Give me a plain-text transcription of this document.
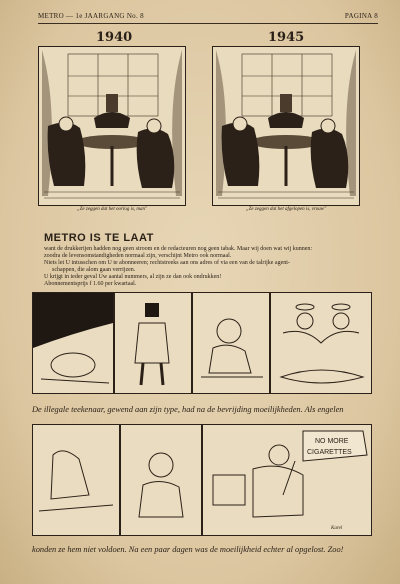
METRO — 1e JAARGANG No. 8	PAGINA 8
1940	1945
„Ze zeggen dat het oorlog is, man"	„Ze zeggen dat het afgelopen is, vrouw"
METRO IS TE LAAT
want de drukkerijen hadden nog geen stroom en de redacteuren nog geen tabak. Maar wij doen wat wij kunnen:
zoodra de levensomstandigheden normaal zijn, verschijnt Metro ook normaal.
Niets let U intusschen om U te abonneeren; rechtstreeks aan ons adres of via een van de talrijke agent-
schappen, die alom gaan verrijzen.
U krijgt in ieder geval Uw aantal nummers, al zijn ze dan ook ondrukken!
Abonnementsprijs f 1.60 per kwartaal.
De illegale teekenaar, gewend aan zijn type, had na de bevrijding moeilijkheden. Als engelen
NO MORE
CIGARETTES
Karel
konden ze hem niet voldoen. Na een paar dagen was de moeilijkheid echter al opgelost. Zoo!
